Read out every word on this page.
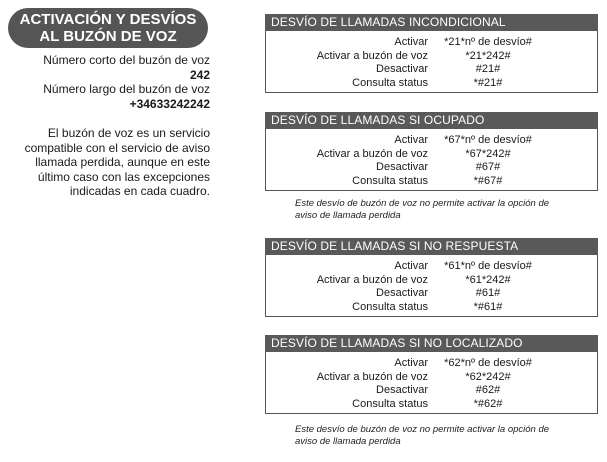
ACTIVACIÓN Y DESVÍOS
AL BUZÓN DE VOZ
Número corto del buzón de voz
242
Número largo del buzón de voz
+34633242242
El buzón de voz es un servicio
compatible con el servicio de aviso
llamada perdida, aunque en este
último caso con las excepciones
indicadas en cada cuadro.
DESVÍO DE LLAMADAS INCONDICIONAL
Activar	*21*nº de desvío#
Activar a buzón de voz	*21*242#
Desactivar	#21#
Consulta status	*#21#
DESVÍO DE LLAMADAS SI OCUPADO
Activar	*67*nº de desvío#
Activar a buzón de voz	*67*242#
Desactivar	#67#
Consulta status	*#67#
Este desvío de buzón de voz no permite activar la opción de
aviso de llamada perdida
DESVÍO DE LLAMADAS SI NO RESPUESTA
Activar	*61*nº de desvío#
Activar a buzón de voz	*61*242#
Desactivar	#61#
Consulta status	*#61#
DESVÍO DE LLAMADAS SI NO LOCALIZADO
Activar	*62*nº de desvío#
Activar a buzón de voz	*62*242#
Desactivar	#62#
Consulta status	*#62#
Este desvío de buzón de voz no permite activar la opción de
aviso de llamada perdida
